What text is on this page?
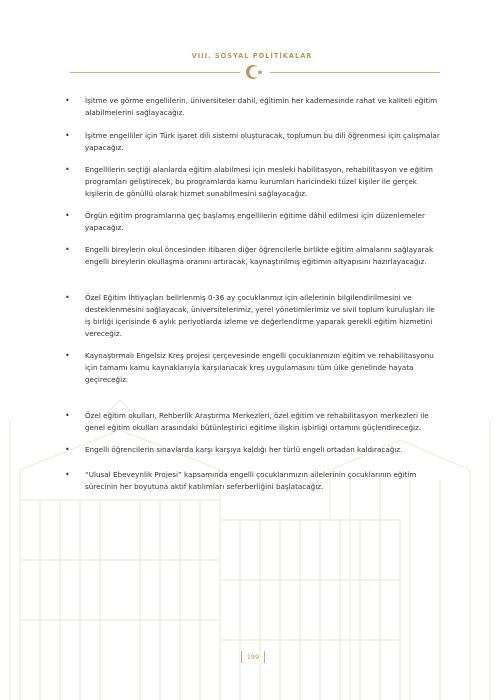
VIII. SOSYAL POLİTİKALAR
• İşitme ve görme engellilerin, üniversiteler dahil, eğitimin her kademesinde rahat ve kaliteli eğitim alabilmelerini sağlayacağız.
• İşitme engelliler için Türk işaret dili sistemi oluşturacak, toplumun bu dili öğrenmesi için çalışmalar yapacağız.
• Engellilerin seçtiği alanlarda eğitim alabilmesi için mesleki habilitasyon, rehabilitasyon ve eğitim programları geliştirecek, bu programlarda kamu kurumları haricindeki tüzel kişiler ile gerçek kişilerin de gönüllü olarak hizmet sunabilmesini sağlayacağız.
• Örgün eğitim programlarına geç başlamış engellilerin eğitime dâhil edilmesi için düzenlemeler yapacağız.
• Engelli bireylerin okul öncesinden itibaren diğer öğrencilerle birlikte eğitim almalarını sağlayarak engelli bireylerin okullaşma oranını artıracak, kaynaştırılmış eğitimin altyapısını hazırlayacağız.
• Özel Eğitim İhtiyaçları belirlenmiş 0-36 ay çocuklarımız için ailelerinin bilgilendirilmesini ve desteklenmesini sağlayacak, üniversitelerimiz, yerel yönetimlerimiz ve sivil toplum kuruluşları ile iş birliği içerisinde 6 aylık periyotlarda izleme ve değerlendirme yaparak gerekli eğitim hizmetini vereceğiz.
• Kaynaştırmalı Engelsiz Kreş projesi çerçevesinde engelli çocuklarımızın eğitim ve rehabilitasyonu için tamamı kamu kaynaklarıyla karşılanacak kreş uygulamasını tüm ülke genelinde hayata geçireceğiz.
• Özel eğitim okulları, Rehberlik Araştırma Merkezleri, özel eğitim ve rehabilitasyon merkezleri ile genel eğitim okulları arasındaki bütünleştirici eğitime ilişkin işbirliği ortamını güçlendireceğiz.
• Engelli öğrencilerin sınavlarda karşı karşıya kaldığı her türlü engeli ortadan kaldıracağız.
• “Ulusal Ebeveynlik Projesi” kapsamında engelli çocuklarımızın ailelerinin çocuklarının eğitim sürecinin her boyutuna aktif katılımları seferberliğini başlatacağız.
199
